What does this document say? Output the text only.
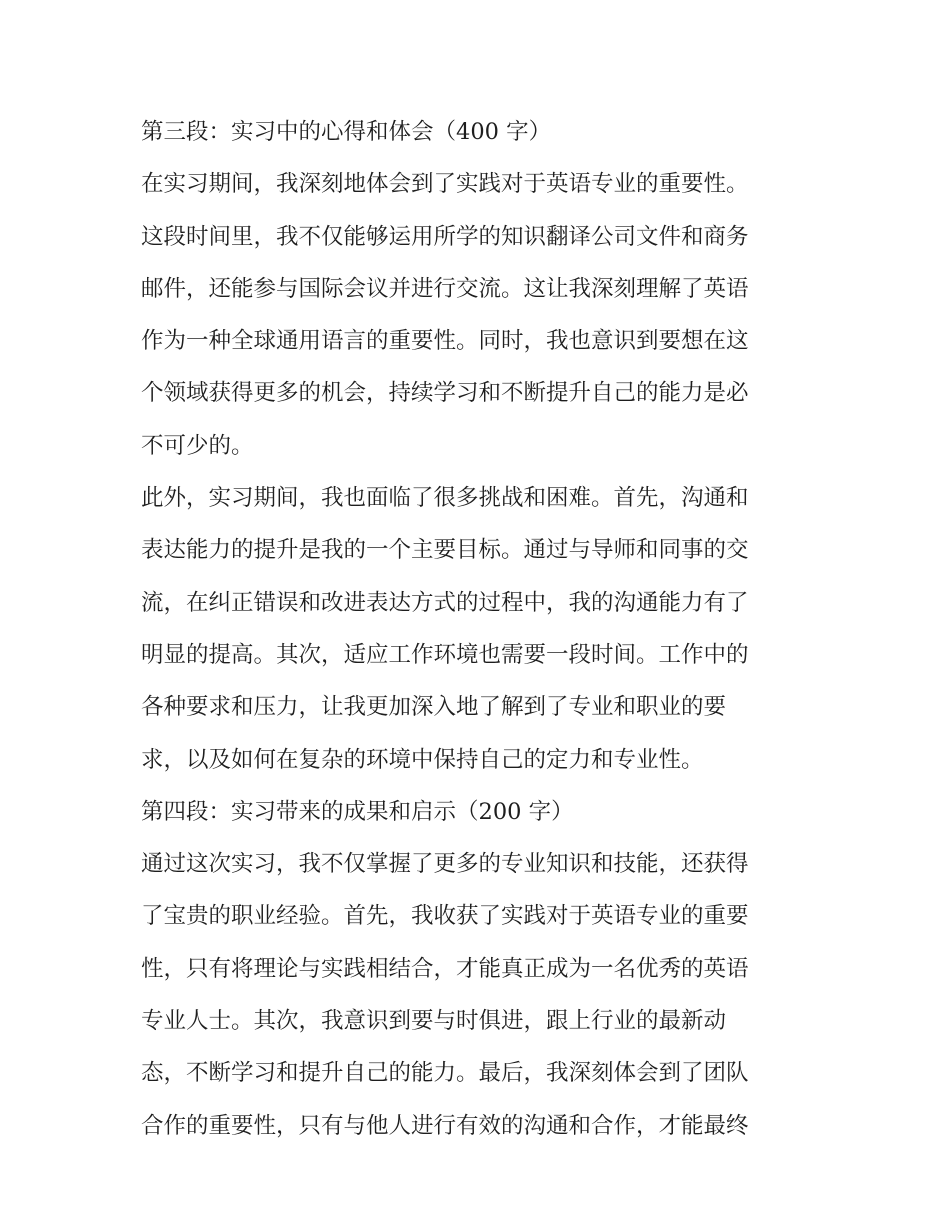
第三段：实习中的心得和体会（400 字）

在实习期间，我深刻地体会到了实践对于英语专业的重要性。

这段时间里，我不仅能够运用所学的知识翻译公司文件和商务

邮件，还能参与国际会议并进行交流。这让我深刻理解了英语

作为一种全球通用语言的重要性。同时，我也意识到要想在这

个领域获得更多的机会，持续学习和不断提升自己的能力是必

不可少的。

此外，实习期间，我也面临了很多挑战和困难。首先，沟通和

表达能力的提升是我的一个主要目标。通过与导师和同事的交

流，在纠正错误和改进表达方式的过程中，我的沟通能力有了

明显的提高。其次，适应工作环境也需要一段时间。工作中的

各种要求和压力，让我更加深入地了解到了专业和职业的要

求，以及如何在复杂的环境中保持自己的定力和专业性。

第四段：实习带来的成果和启示（200 字）

通过这次实习，我不仅掌握了更多的专业知识和技能，还获得

了宝贵的职业经验。首先，我收获了实践对于英语专业的重要

性，只有将理论与实践相结合，才能真正成为一名优秀的英语

专业人士。其次，我意识到要与时俱进，跟上行业的最新动

态，不断学习和提升自己的能力。最后，我深刻体会到了团队

合作的重要性，只有与他人进行有效的沟通和合作，才能最终
